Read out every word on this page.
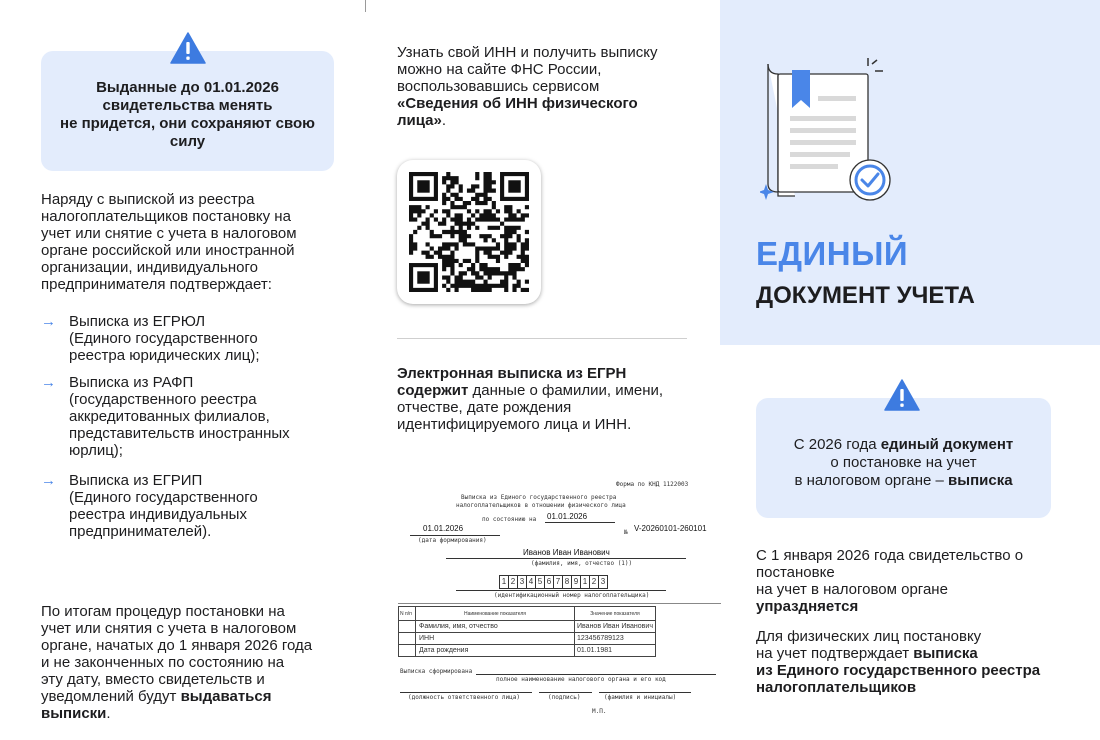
Выданные до 01.01.2026
свидетельства менять
не придется, они сохраняют свою
силу
Наряду с выпиской из реестра
налогоплательщиков постановку на
учет или снятие с учета в налоговом
органе российской или иностранной
организации, индивидуального
предпринимателя подтверждает:
→ Выписка из ЕГРЮЛ
(Единого государственного
реестра юридических лиц);
→ Выписка из РАФП
(государственного реестра
аккредитованных филиалов,
представительств иностранных
юрлиц);
→ Выписка из ЕГРИП
(Единого государственного
реестра индивидуальных
предпринимателей).
По итогам процедур постановки на
учет или снятия с учета в налоговом
органе, начатых до 1 января 2026 года
и не законченных по состоянию на
эту дату, вместо свидетельств и
уведомлений будут выдаваться
выписки.
Узнать свой ИНН и получить выписку
можно на сайте ФНС России,
воспользовавшись сервисом
«Сведения об ИНН физического
лица».
Электронная выписка из ЕГРН
содержит данные о фамилии, имени,
отчестве, дате рождения
идентифицируемого лица и ИНН.
Форма по КНД 1122003
Выписка из Единого государственного реестра
налогоплательщиков в отношении физического лица
по состоянию на 01.01.2026
01.01.2026
(дата формирования)
№ V-20260101-260101
Иванов Иван Иванович
(фамилия, имя, отчество (1))
1 2 3 4 5 6 7 8 9 1 2 3
(идентификационный номер налогоплательщика)
N п/п	Наименование показателя	Значение показателя
	Фамилия, имя, отчество	Иванов Иван Иванович
	ИНН	123456789123
	Дата рождения	01.01.1981
Выписка сформирована
полное наименование налогового органа и его код
(должность ответственного лица)	(подпись)	(фамилия и инициалы)
М.П.
ЕДИНЫЙ
ДОКУМЕНТ УЧЕТА
С 2026 года единый документ
о постановке на учет
в налоговом органе – выписка
С 1 января 2026 года свидетельство о
постановке
на учет в налоговом органе
упраздняется
Для физических лиц постановку
на учет подтверждает выписка
из Единого государственного реестра
налогоплательщиков
